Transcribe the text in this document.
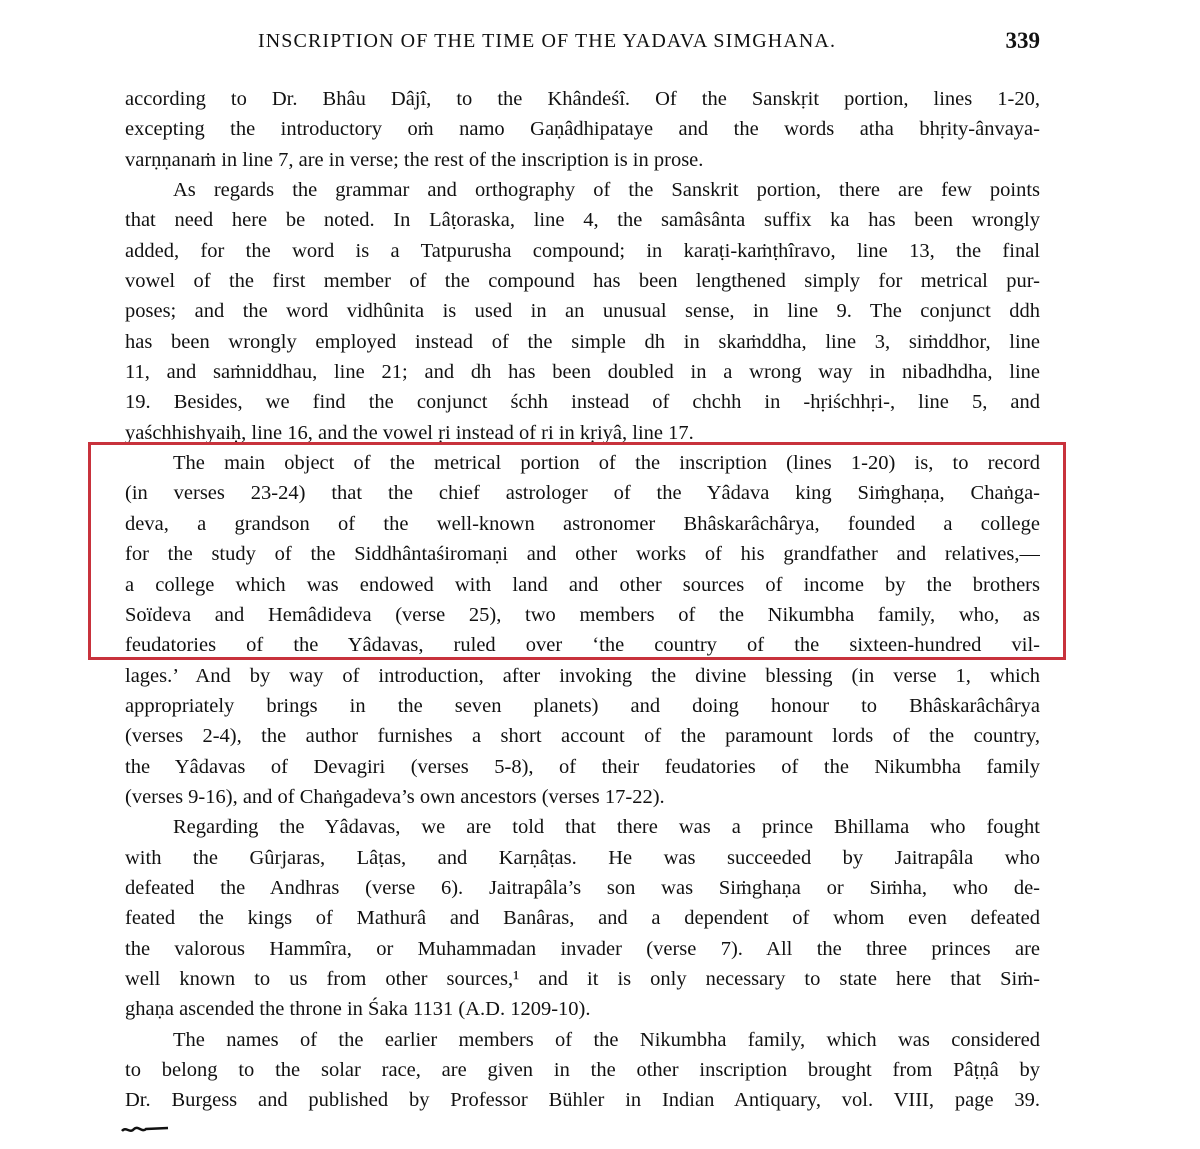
INSCRIPTION OF THE TIME OF THE YADAVA SIMGHANA.	339
according to Dr. Bhâu Dâjî, to the Khândeśî. Of the Sanskṛit portion, lines 1-20,
excepting the introductory oṁ namo Gaṇâdhipataye and the words atha bhṛity-ânvaya-
varṇṇanaṁ in line 7, are in verse; the rest of the inscription is in prose.
As regards the grammar and orthography of the Sanskrit portion, there are few points
that need here be noted. In Lâṭoraska, line 4, the samâsânta suffix ka has been wrongly
added, for the word is a Tatpurusha compound; in karaṭi-kaṁṭhîravo, line 13, the final
vowel of the first member of the compound has been lengthened simply for metrical pur-
poses; and the word vidhûnita is used in an unusual sense, in line 9. The conjunct ddh
has been wrongly employed instead of the simple dh in skaṁddha, line 3, siṁddhor, line
11, and saṁniddhau, line 21; and dh has been doubled in a wrong way in nibadhdha, line
19. Besides, we find the conjunct śchh instead of chchh in -hṛiśchhṛi-, line 5, and
yaśchhishyaiḥ, line 16, and the vowel ṛi instead of ri in kṛiyâ, line 17.
The main object of the metrical portion of the inscription (lines 1-20) is, to record
(in verses 23-24) that the chief astrologer of the Yâdava king Siṁghaṇa, Chaṅga-
deva, a grandson of the well-known astronomer Bhâskarâchârya, founded a college
for the study of the Siddhântaśiromaṇi and other works of his grandfather and relatives,—
a college which was endowed with land and other sources of income by the brothers
Soïdeva and Hemâdideva (verse 25), two members of the Nikumbha family, who, as
feudatories of the Yâdavas, ruled over ‘the country of the sixteen-hundred vil-
lages.’ And by way of introduction, after invoking the divine blessing (in verse 1, which
appropriately brings in the seven planets) and doing honour to Bhâskarâchârya
(verses 2-4), the author furnishes a short account of the paramount lords of the country,
the Yâdavas of Devagiri (verses 5-8), of their feudatories of the Nikumbha family
(verses 9-16), and of Chaṅgadeva’s own ancestors (verses 17-22).
Regarding the Yâdavas, we are told that there was a prince Bhillama who fought
with the Gûrjaras, Lâṭas, and Karṇâṭas. He was succeeded by Jaitrapâla who
defeated the Andhras (verse 6). Jaitrapâla’s son was Siṁghaṇa or Siṁha, who de-
feated the kings of Mathurâ and Banâras, and a dependent of whom even defeated
the valorous Hammîra, or Muhammadan invader (verse 7). All the three princes are
well known to us from other sources,¹ and it is only necessary to state here that Siṁ-
ghaṇa ascended the throne in Śaka 1131 (A.D. 1209-10).
The names of the earlier members of the Nikumbha family, which was considered
to belong to the solar race, are given in the other inscription brought from Pâṭṇâ by
Dr. Burgess and published by Professor Bühler in Indian Antiquary, vol. VIII, page 39.
